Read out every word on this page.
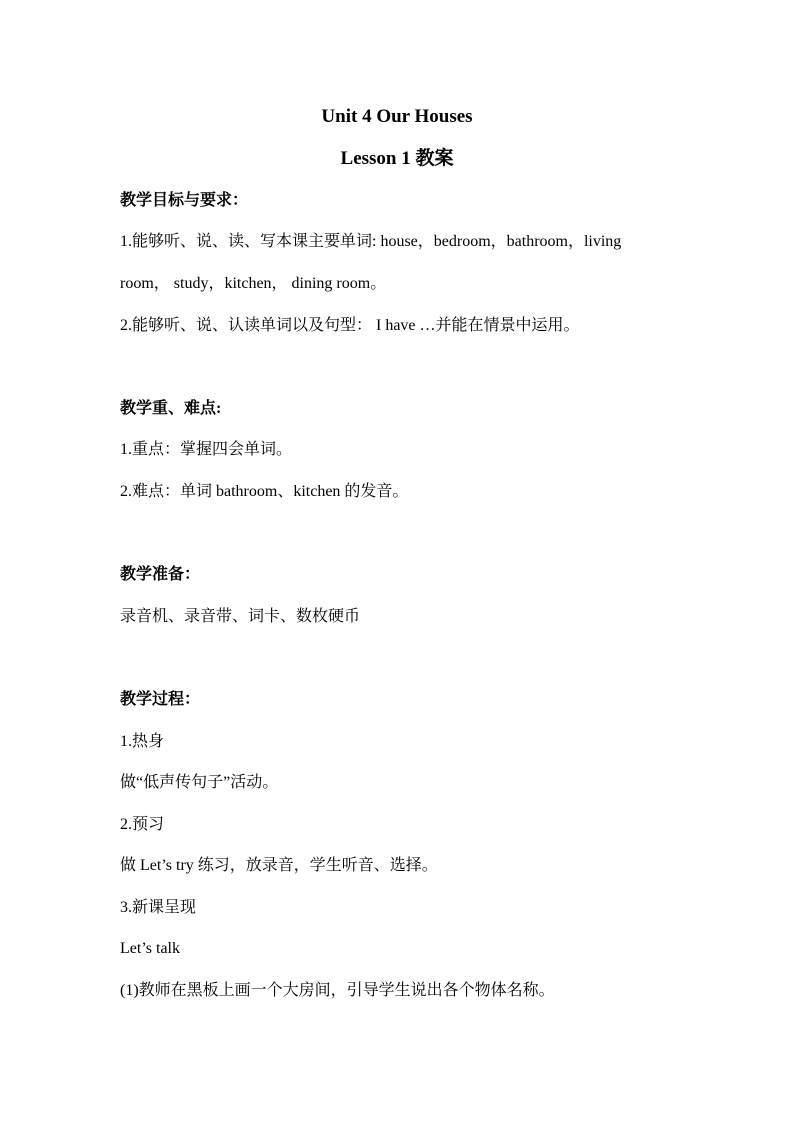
Unit 4 Our Houses
Lesson 1 教案
教学目标与要求：
1.能够听、说、读、写本课主要单词: house，bedroom，bathroom，living
room， study，kitchen， dining room。
2.能够听、说、认读单词以及句型： I have …并能在情景中运用。
教学重、难点:
1.重点：掌握四会单词。
2.难点：单词 bathroom、kitchen 的发音。
教学准备：
录音机、录音带、词卡、数枚硬币
教学过程：
1.热身
做“低声传句子”活动。
2.预习
做 Let’s try 练习，放录音，学生听音、选择。
3.新课呈现
Let’s talk
(1)教师在黑板上画一个大房间，引导学生说出各个物体名称。
